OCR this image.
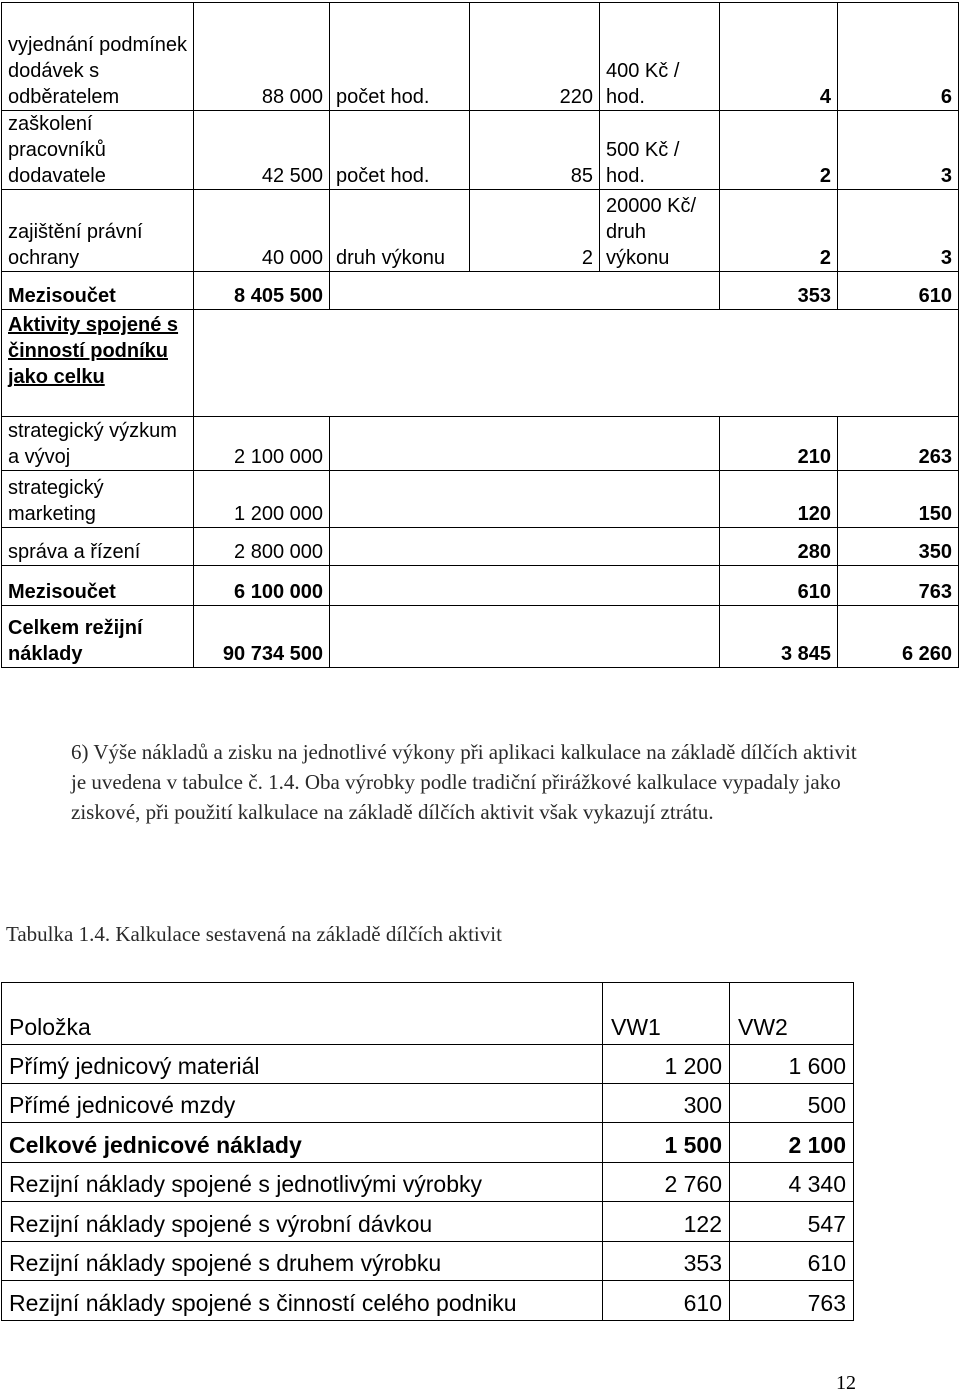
vyjednání podmínek dodávek s odběratelem	88 000	počet hod.	220	400 Kč / hod.	4	6
zaškolení pracovníků dodavatele	42 500	počet hod.	85	500 Kč / hod.	2	3
zajištění právní ochrany	40 000	druh výkonu	2	20000 Kč/ druh výkonu	2	3
Mezisoučet	8 405 500				353	610
Aktivity spojené s činností podníku jako celku						
strategický výzkum a vývoj	2 100 000				210	263
strategický marketing	1 200 000				120	150
správa a řízení	2 800 000				280	350
Mezisoučet	6 100 000				610	763
Celkem režijní náklady	90 734 500				3 845	6 260

6) Výše nákladů a zisku na jednotlivé výkony při aplikaci kalkulace na základě dílčích aktivit je uvedena v tabulce č. 1.4. Oba výrobky podle tradiční přirážkové kalkulace vypadaly jako ziskové, při použití kalkulace na základě dílčích aktivit však vykazují ztrátu.

Tabulka 1.4. Kalkulace sestavená na základě dílčích aktivit

Položka	VW1	VW2
Přímý jednicový materiál	1 200	1 600
Přímé jednicové mzdy	300	500
Celkové jednicové náklady	1 500	2 100
Rezijní náklady spojené s jednotlivými výrobky	2 760	4 340
Rezijní náklady spojené s výrobní dávkou	122	547
Rezijní náklady spojené s druhem výrobku	353	610
Rezijní náklady spojené s činností celého podniku	610	763
12
